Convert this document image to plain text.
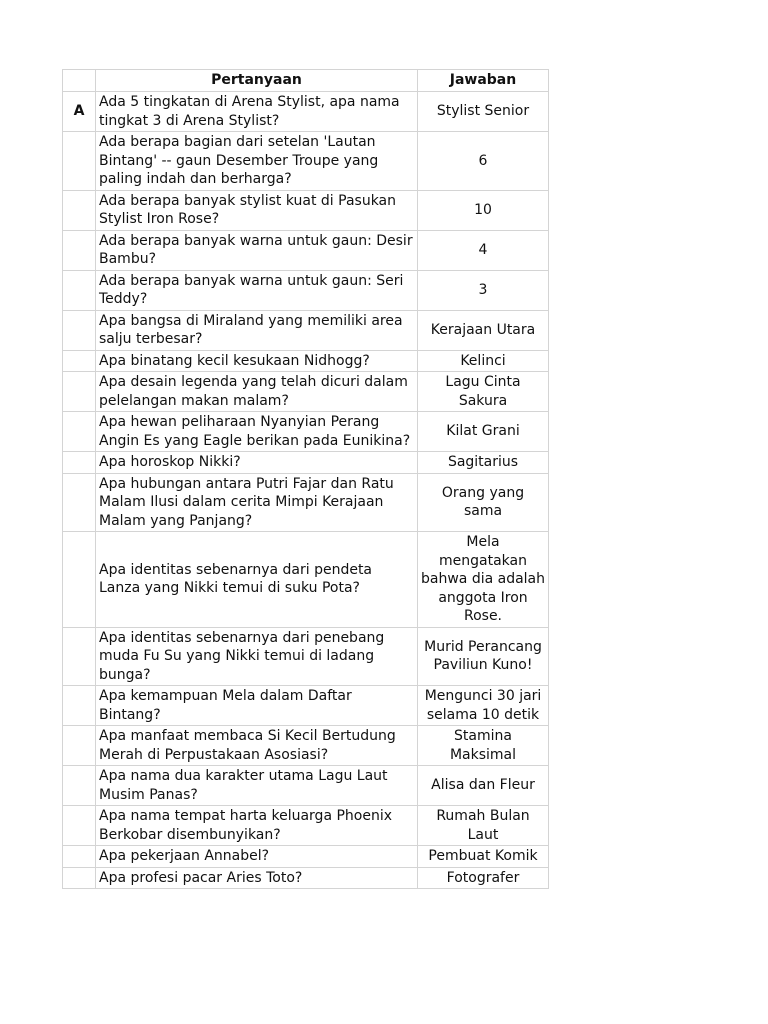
	Pertanyaan	Jawaban
A	Ada 5 tingkatan di Arena Stylist, apa nama tingkat 3 di Arena Stylist?	Stylist Senior
	Ada berapa bagian dari setelan 'Lautan Bintang' -- gaun Desember Troupe yang paling indah dan berharga?	6
	Ada berapa banyak stylist kuat di Pasukan Stylist Iron Rose?	10
	Ada berapa banyak warna untuk gaun: Desir Bambu?	4
	Ada berapa banyak warna untuk gaun: Seri Teddy?	3
	Apa bangsa di Miraland yang memiliki area salju terbesar?	Kerajaan Utara
	Apa binatang kecil kesukaan Nidhogg?	Kelinci
	Apa desain legenda yang telah dicuri dalam pelelangan makan malam?	Lagu Cinta Sakura
	Apa hewan peliharaan Nyanyian Perang Angin Es yang Eagle berikan pada Eunikina?	Kilat Grani
	Apa horoskop Nikki?	Sagitarius
	Apa hubungan antara Putri Fajar dan Ratu Malam Ilusi dalam cerita Mimpi Kerajaan Malam yang Panjang?	Orang yang sama
	Apa identitas sebenarnya dari pendeta Lanza yang Nikki temui di suku Pota?	Mela mengatakan bahwa dia adalah anggota Iron Rose.
	Apa identitas sebenarnya dari penebang muda Fu Su yang Nikki temui di ladang bunga?	Murid Perancang Paviliun Kuno!
	Apa kemampuan Mela dalam Daftar Bintang?	Mengunci 30 jari selama 10 detik
	Apa manfaat membaca Si Kecil Bertudung Merah di Perpustakaan Asosiasi?	Stamina Maksimal
	Apa nama dua karakter utama Lagu Laut Musim Panas?	Alisa dan Fleur
	Apa nama tempat harta keluarga Phoenix Berkobar disembunyikan?	Rumah Bulan Laut
	Apa pekerjaan Annabel?	Pembuat Komik
	Apa profesi pacar Aries Toto?	Fotografer
